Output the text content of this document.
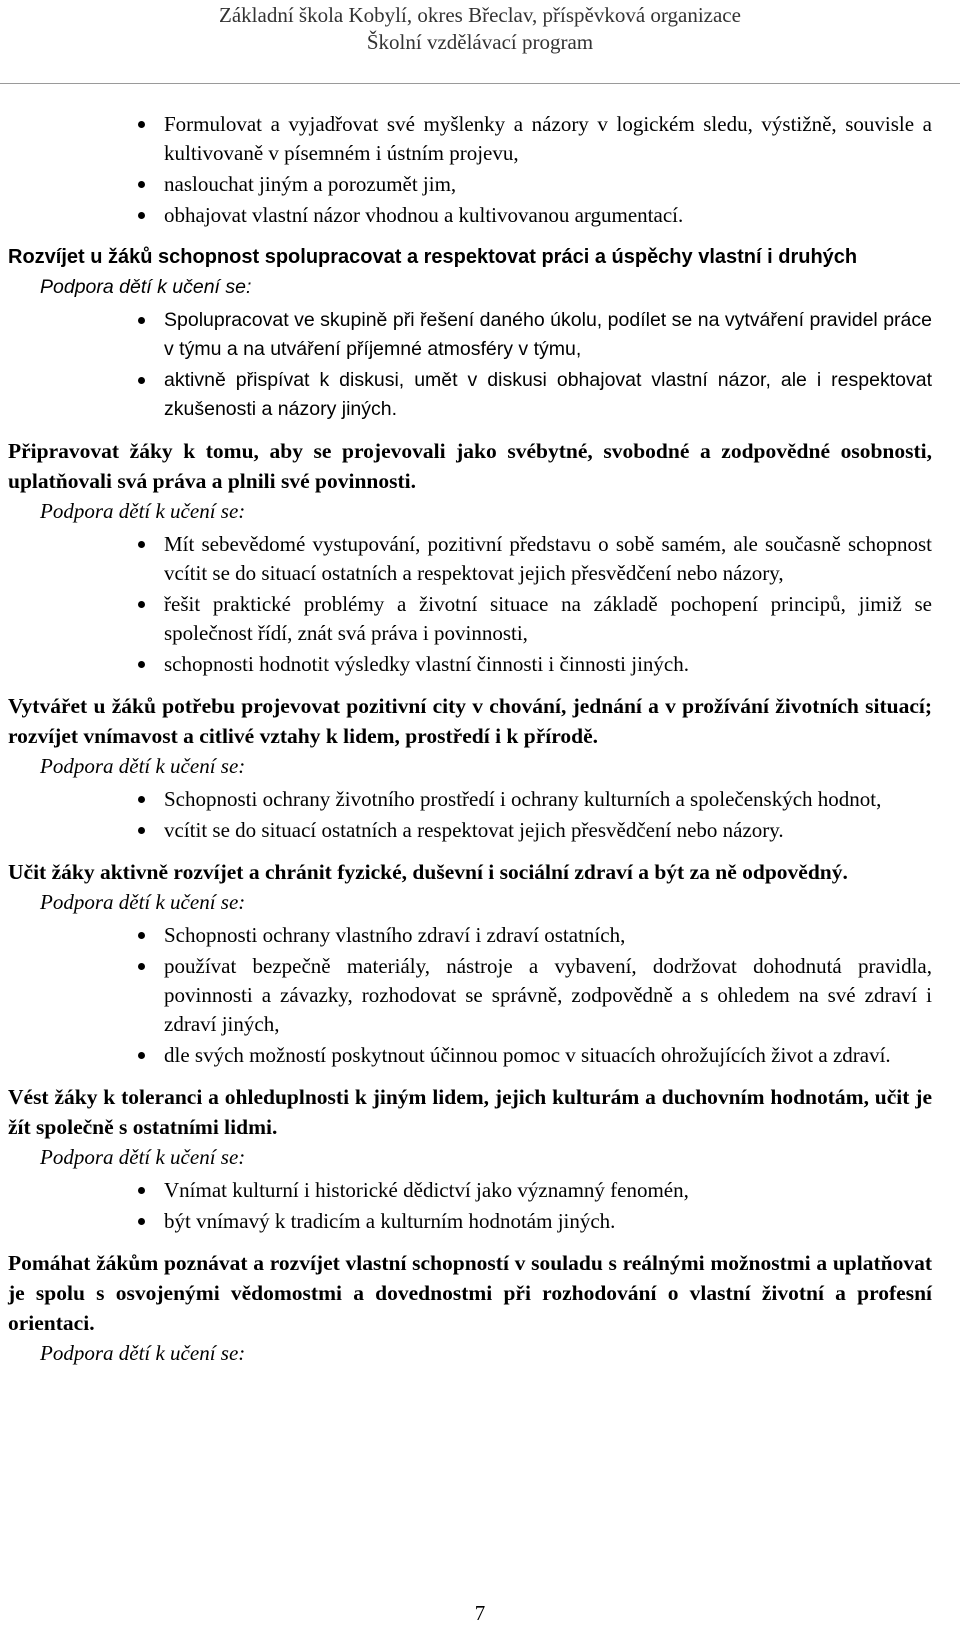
Základní škola Kobylí, okres Břeclav, příspěvková organizace
Školní vzdělávací program
Formulovat a vyjadřovat své myšlenky a názory v logickém sledu, výstižně, souvisle a kultivovaně v písemném i ústním projevu,
naslouchat jiným a porozumět jim,
obhajovat vlastní názor vhodnou a kultivovanou argumentací.
Rozvíjet u žáků schopnost spolupracovat a respektovat práci a úspěchy vlastní i druhých
Podpora dětí k učení se:
Spolupracovat ve skupině při řešení daného úkolu, podílet se na vytváření pravidel práce v týmu a na utváření příjemné atmosféry v týmu,
aktivně přispívat k diskusi, umět v diskusi obhajovat vlastní názor, ale i respektovat zkušenosti a názory jiných.
Připravovat žáky k tomu, aby se projevovali jako svébytné, svobodné a zodpovědné osobnosti, uplatňovali svá práva a plnili své povinnosti.
Podpora dětí k učení se:
Mít sebevědomé vystupování, pozitivní představu o sobě samém, ale současně schopnost vcítit se do situací ostatních a respektovat jejich přesvědčení nebo názory,
řešit praktické problémy a životní situace na základě pochopení principů, jimiž se společnost řídí, znát svá práva i povinnosti,
schopnosti hodnotit výsledky vlastní činnosti i činnosti jiných.
Vytvářet u žáků potřebu projevovat pozitivní city v chování, jednání a v prožívání životních situací; rozvíjet vnímavost a citlivé vztahy k lidem, prostředí i k přírodě.
Podpora dětí k učení se:
Schopnosti ochrany životního prostředí i ochrany kulturních a společenských hodnot,
vcítit se do situací ostatních a respektovat jejich přesvědčení nebo názory.
Učit žáky aktivně rozvíjet a chránit fyzické, duševní i sociální zdraví a být za ně odpovědný.
Podpora dětí k učení se:
Schopnosti ochrany vlastního zdraví i zdraví ostatních,
používat bezpečně materiály, nástroje a vybavení, dodržovat dohodnutá pravidla, povinnosti a závazky, rozhodovat se správně, zodpovědně a s ohledem na své zdraví i zdraví jiných,
dle svých možností poskytnout účinnou pomoc v situacích ohrožujících život a zdraví.
Vést žáky k toleranci a ohleduplnosti k jiným lidem, jejich kulturám a duchovním hodnotám, učit je žít společně s ostatními lidmi.
Podpora dětí k učení se:
Vnímat kulturní i historické dědictví jako významný fenomén,
být vnímavý k tradicím a kulturním hodnotám jiných.
Pomáhat žákům poznávat a rozvíjet vlastní schopností v souladu s reálnými možnostmi a uplatňovat je spolu s osvojenými vědomostmi a dovednostmi při rozhodování o vlastní životní a profesní orientaci.
Podpora dětí k učení se:
7
